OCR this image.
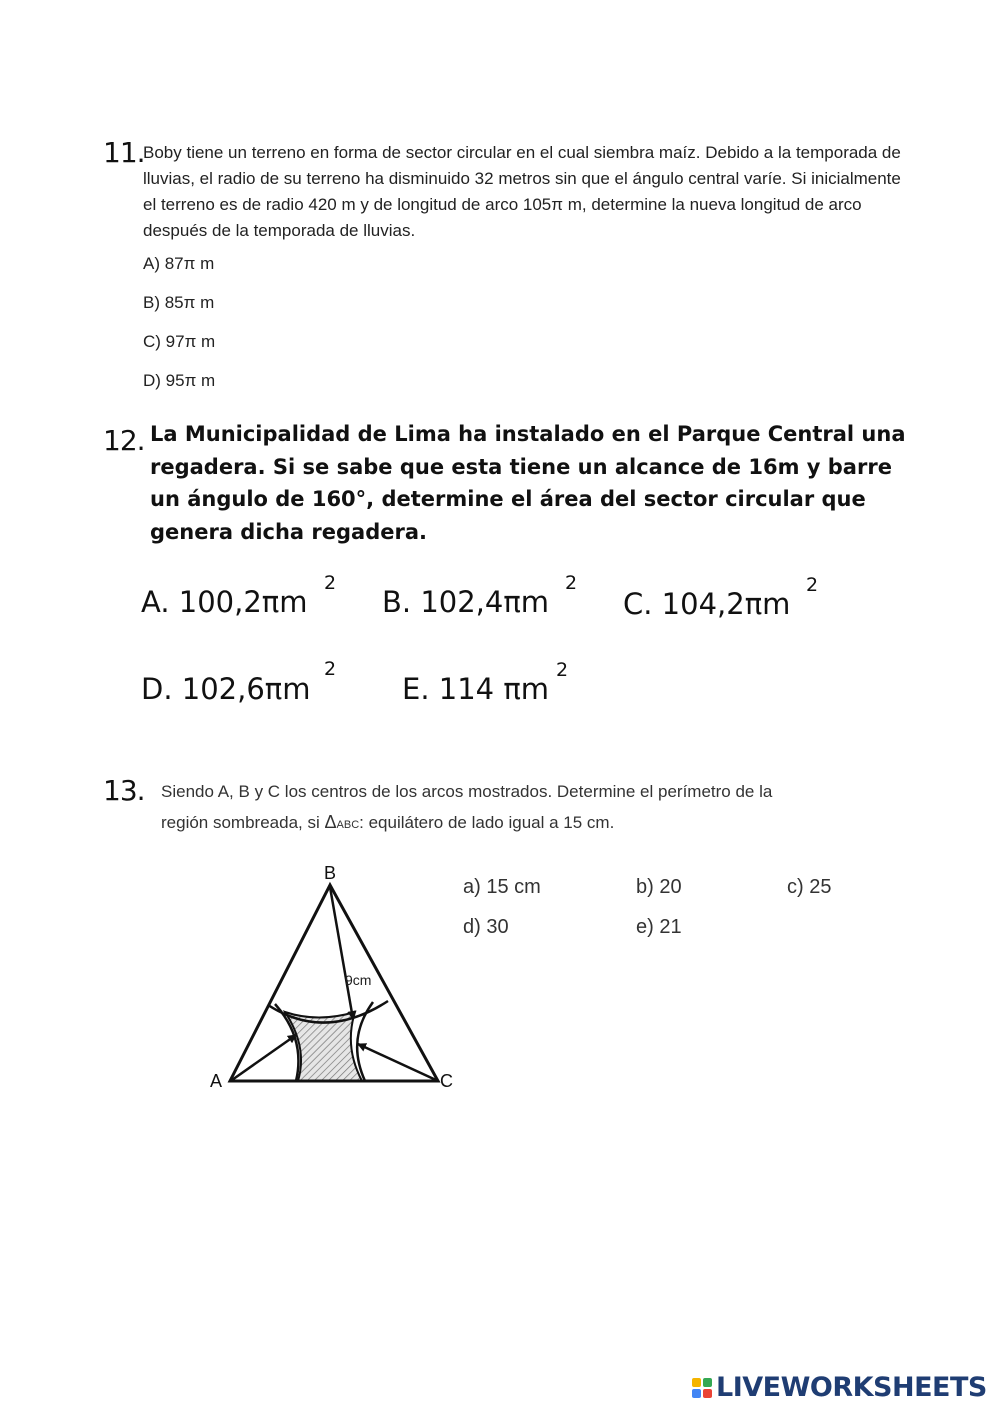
11.
Boby tiene un terreno en forma de sector circular en el cual siembra maíz. Debido a la temporada de lluvias, el radio de su terreno ha disminuido 32 metros sin que el ángulo central varíe. Si inicialmente el terreno es de radio 420 m y de longitud de arco 105π m, determine la nueva longitud de arco después de la temporada de lluvias.
A) 87π m
B) 85π m
C) 97π m
D) 95π m
12. La Municipalidad de Lima ha instalado en el Parque Central una regadera. Si se sabe que esta tiene un alcance de 16m y barre un ángulo de 160°, determine el área del sector circular que genera dicha regadera.
A. 100,2πm
2
B. 102,4πm
2
C. 104,2πm
2
D. 102,6πm
2
E. 114 πm
2
13. Siendo A, B y C los centros de los arcos mostrados. Determine el perímetro de la
región sombreada, si ΔABC: equilátero de lado igual a 15 cm.
a) 15 cm	b) 20	c) 25
d) 30	e) 21
B
A	C
9cm
LIVEWORKSHEETS
